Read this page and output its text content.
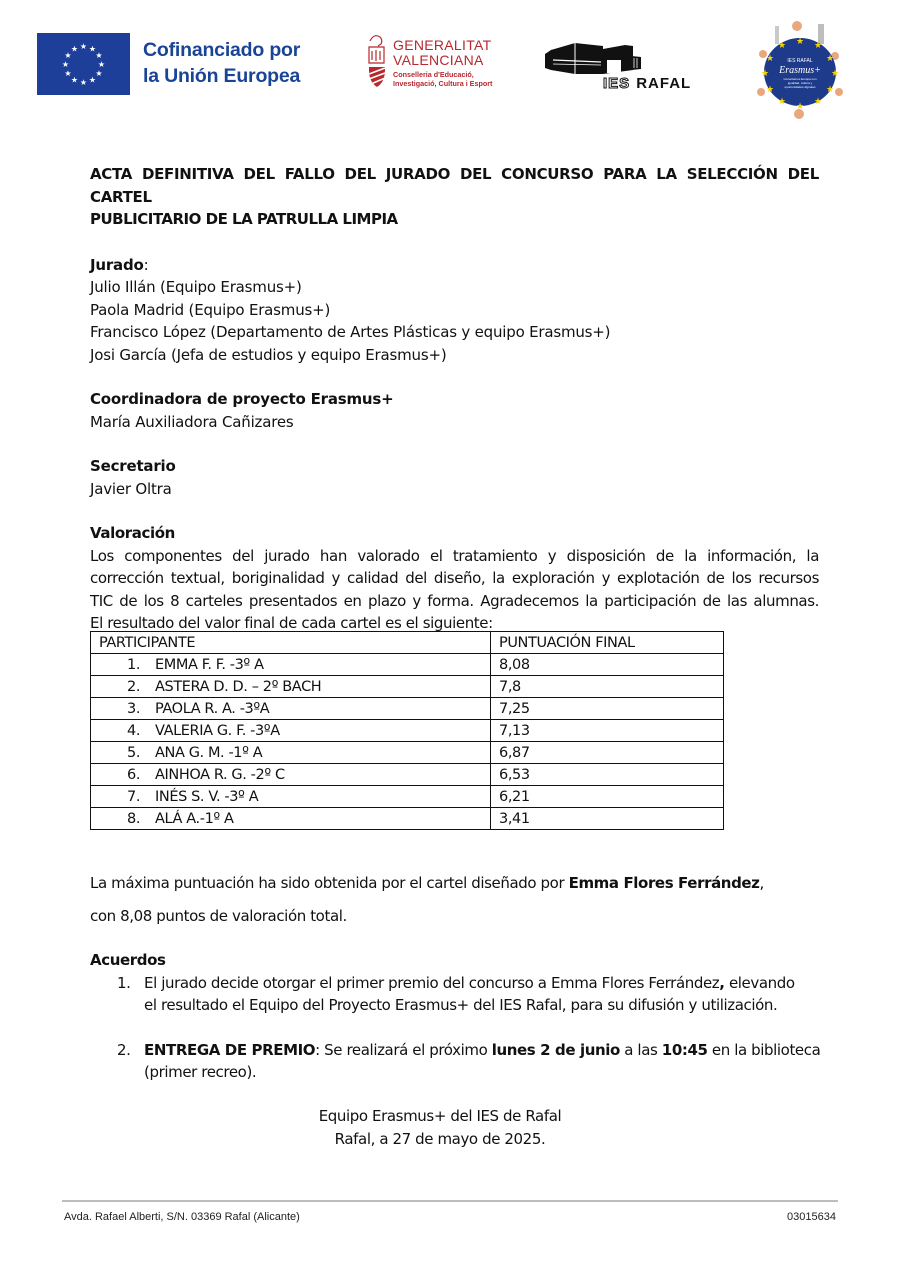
★ ★
★
★
★
★
★
★
★
★
★
★	Cofinanciado por
la Unión Europea
GENERALITAT
VALENCIANA
Conselleria d'Educació,
Investigació, Cultura i Esport	IES RAFAL
★ ★
★
★
★
★
★
★
★
★
★
★
IES RAFAL
Erasmus+
Conectamos Europa con
igualdad, cultura y
oportunidades dignales
ACTA DEFINITIVA DEL FALLO DEL JURADO DEL CONCURSO PARA LA SELECCIÓN DEL CARTEL
PUBLICITARIO DE LA PATRULLA LIMPIA
Jurado:
Julio Illán (Equipo Erasmus+)
Paola Madrid (Equipo Erasmus+)
Francisco López (Departamento de Artes Plásticas y equipo Erasmus+)
Josi García (Jefa de estudios y equipo Erasmus+)
Coordinadora de proyecto Erasmus+
María Auxiliadora Cañizares
Secretario
Javier Oltra
Valoración
Los componentes del jurado han valorado el tratamiento y disposición de la información, la
corrección textual, boriginalidad y calidad del diseño, la exploración y explotación de los recursos
TIC de los 8 carteles presentados en plazo y forma. Agradecemos la participación de las alumnas.
El resultado del valor final de cada cartel es el siguiente:
PARTICIPANTE	PUNTUACIÓN FINAL
1. EMMA F. F. -3º A	8,08
2. ASTERA D. D. – 2º BACH	7,8
3. PAOLA R. A. -3ºA	7,25
4. VALERIA G. F. -3ºA	7,13
5. ANA G. M. -1º A	6,87
6. AINHOA R. G. -2º C	6,53
7. INÉS S. V. -3º A	6,21
8. ALÁ A.-1º A	3,41
La máxima puntuación ha sido obtenida por el cartel diseñado por Emma Flores Ferrández,
con 8,08 puntos de valoración total.
Acuerdos
1. El jurado decide otorgar el primer premio del concurso a Emma Flores Ferrández, elevando
el resultado el Equipo del Proyecto Erasmus+ del IES Rafal, para su difusión y utilización.
2. ENTREGA DE PREMIO: Se realizará el próximo lunes 2 de junio a las 10:45 en la biblioteca
(primer recreo).
Equipo Erasmus+ del IES de Rafal
Rafal, a 27 de mayo de 2025.
Avda. Rafael Alberti, S/N. 03369 Rafal (Alicante)	03015634
